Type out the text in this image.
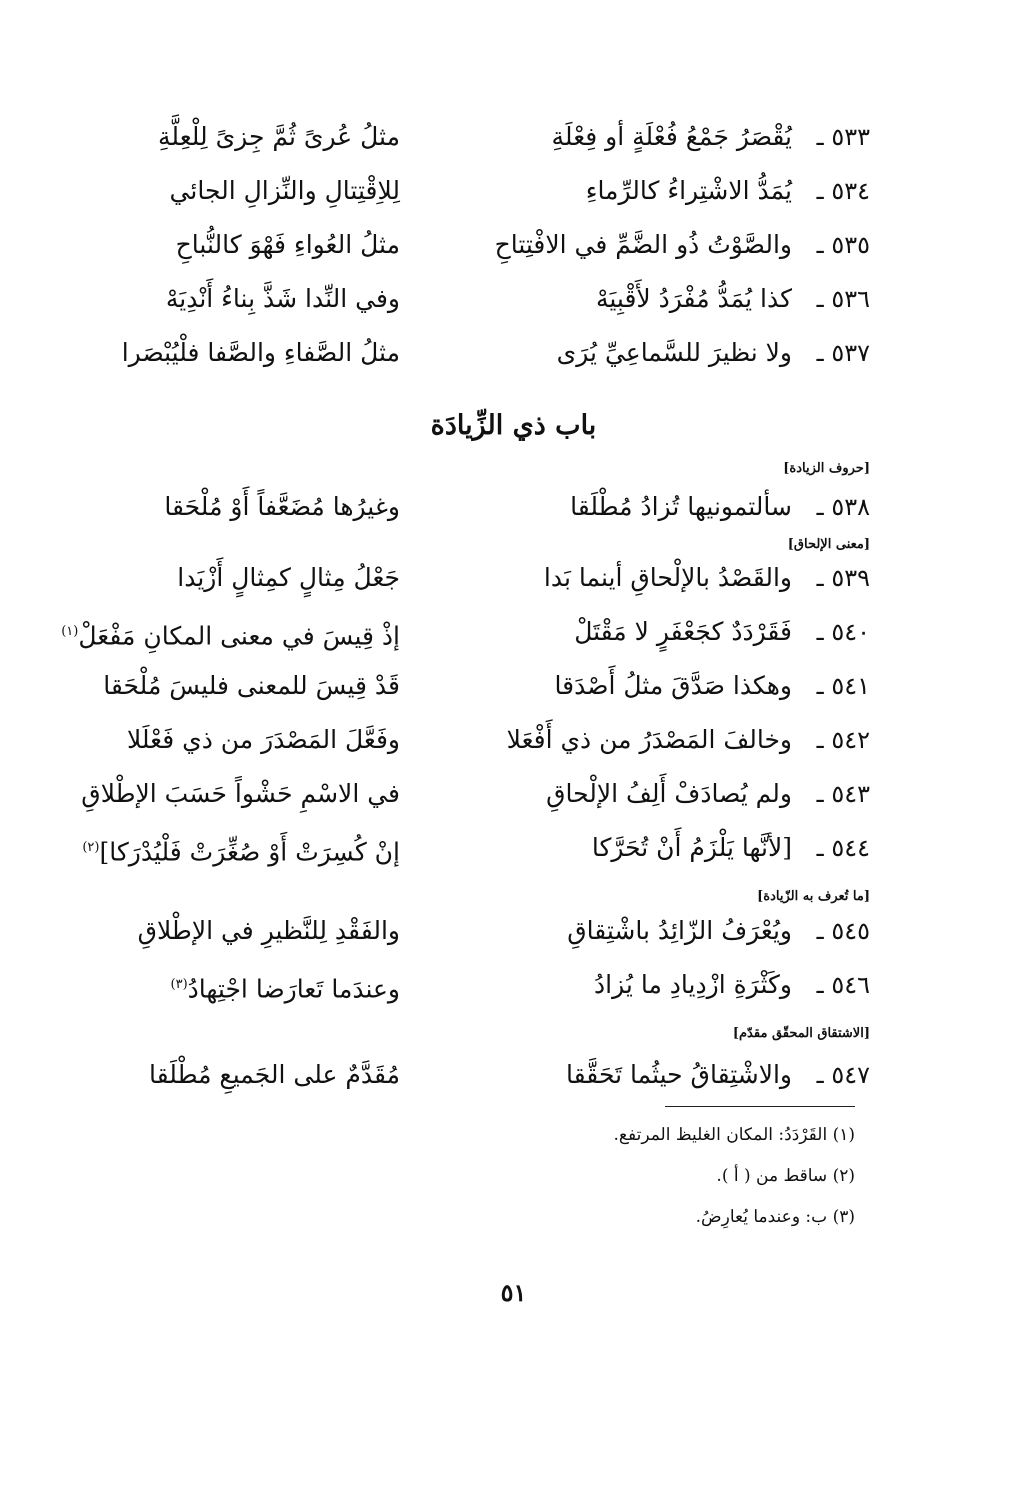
٥٣٣ ـ
يُقْصَرُ جَمْعُ فُعْلَةٍ أو فِعْلَةِ
مثلُ عُرىً ثُمَّ جِزىً لِلْعِلَّةِ
٥٣٤ ـ
يُمَدُّ الاشْتِراءُ كالرِّماءِ
لِلاِقْتِتالِ والنِّزالِ الجائي
٥٣٥ ـ
والصَّوْتُ ذُو الضَّمِّ في الافْتِتاحِ
مثلُ العُواءِ فَهْوَ كالنُّباحِ
٥٣٦ ـ
كذا يُمَدُّ مُفْرَدُ لأَقْبِيَهْ
وفي النِّدا شَذَّ بِناءُ أَنْدِيَهْ
٥٣٧ ـ
ولا نظيرَ للسَّماعِيِّ يُرَى
مثلُ الصَّفاءِ والصَّفا فلْيُبْصَرا
باب ذي الزِّيادَة
[حروف الزيادة]
٥٣٨ ـ
سألتمونيها تُزادُ مُطْلَقا
وغيرُها مُضَعَّفاً أَوْ مُلْحَقا
[معنى الإلحاق]
٥٣٩ ـ
والقَصْدُ بالإلْحاقِ أينما بَدا
جَعْلُ مِثالٍ كمِثالٍ أَزْيَدا
٥٤٠ ـ
فَقَرْدَدٌ كجَعْفَرٍ لا مَقْتَلْ
إذْ قِيسَ في معنى المكانِ مَفْعَلْ$^{(١)}$
٥٤١ ـ
وهكذا صَدَّقَ مثلُ أَصْدَقا
قَدْ قِيسَ للمعنى فليسَ مُلْحَقا
٥٤٢ ـ
وخالفَ المَصْدَرُ من ذي أَفْعَلا
وفَعَّلَ المَصْدَرَ من ذي فَعْلَلا
٥٤٣ ـ
ولم يُصادَفْ أَلِفُ الإلْحاقِ
في الاسْمِ حَشْواً حَسَبَ الإطْلاقِ
٥٤٤ ـ
[لأنَّها يَلْزَمُ أَنْ تُحَرَّكا
إنْ كُسِرَتْ أَوْ صُغِّرَتْ فَلْيُدْرَكا]$^{(٢)}$
[ما تُعرف به الزّيادة]
٥٤٥ ـ
ويُعْرَفُ الزّائِدُ باشْتِقاقِ
والفَقْدِ لِلنَّظيرِ في الإطْلاقِ
٥٤٦ ـ
وكَثْرَةِ ازْدِيادِ ما يُزادُ
وعندَما تَعارَضا اجْتِهادُ$^{(٣)}$
[الاشتقاق المحقّق مقدّم]
٥٤٧ ـ
والاشْتِقاقُ حيثُما تَحَقَّقا
مُقَدَّمٌ على الجَميعِ مُطْلَقا
(١) القَرْدَدُ: المكان الغليظ المرتفع.
(٢) ساقط من ( أ ).
(٣) ب: وعندما يُعارِضُ.
٥١
